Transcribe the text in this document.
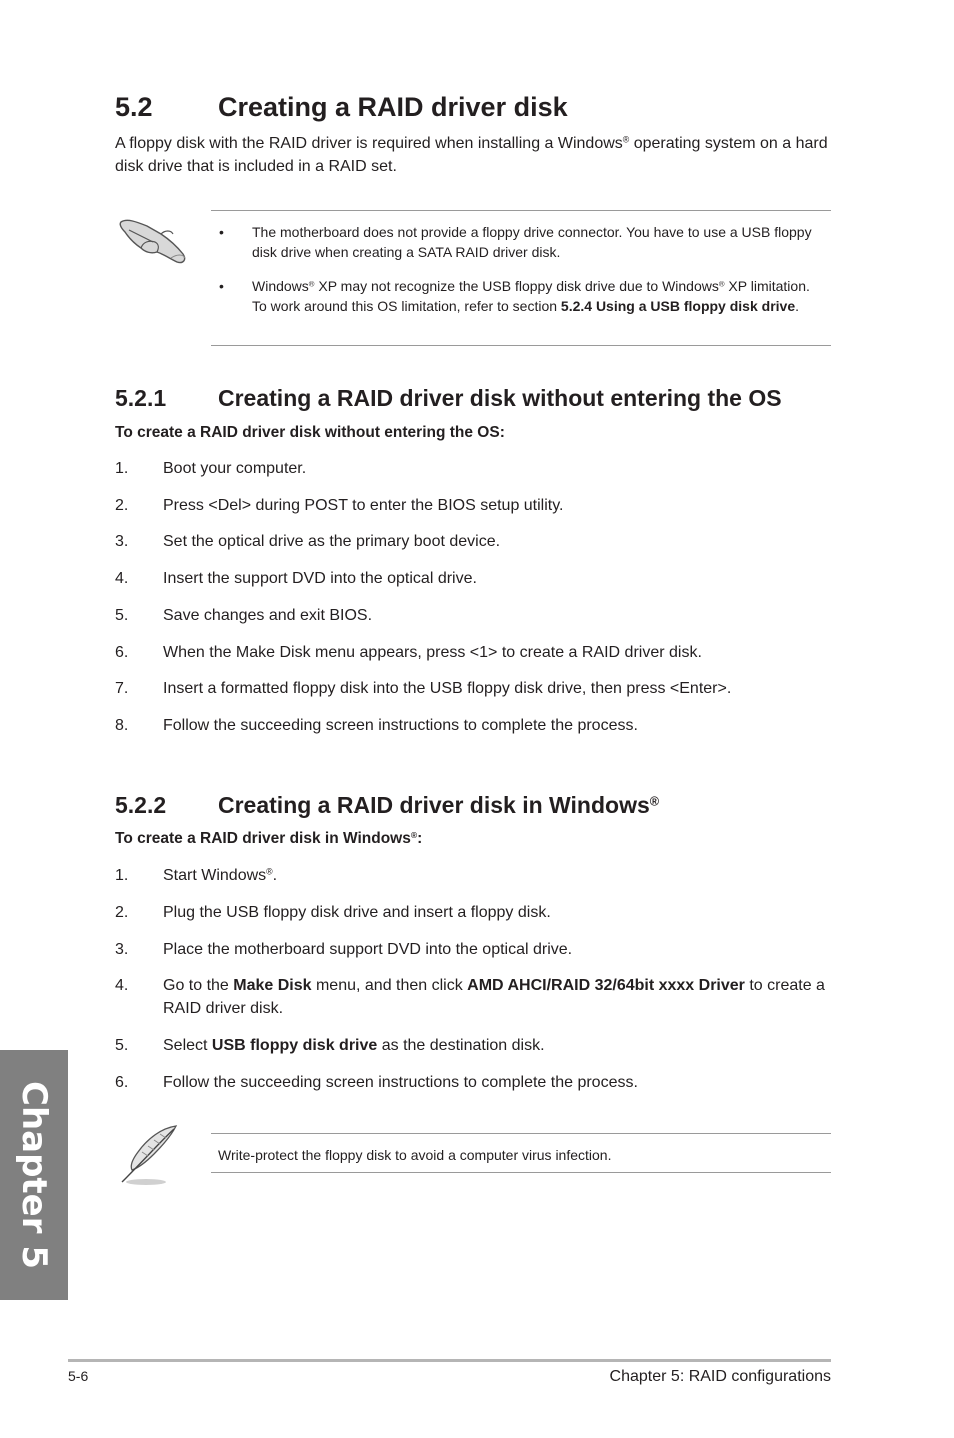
5.2 Creating a RAID driver disk
A floppy disk with the RAID driver is required when installing a Windows® operating system on a hard disk drive that is included in a RAID set.
• The motherboard does not provide a floppy drive connector. You have to use a USB floppy disk drive when creating a SATA RAID driver disk.
• Windows® XP may not recognize the USB floppy disk drive due to Windows® XP limitation. To work around this OS limitation, refer to section 5.2.4 Using a USB floppy disk drive.
5.2.1 Creating a RAID driver disk without entering the OS
To create a RAID driver disk without entering the OS:
1. Boot your computer.
2. Press <Del> during POST to enter the BIOS setup utility.
3. Set the optical drive as the primary boot device.
4. Insert the support DVD into the optical drive.
5. Save changes and exit BIOS.
6. When the Make Disk menu appears, press <1> to create a RAID driver disk.
7. Insert a formatted floppy disk into the USB floppy disk drive, then press <Enter>.
8. Follow the succeeding screen instructions to complete the process.
5.2.2 Creating a RAID driver disk in Windows®
To create a RAID driver disk in Windows®:
1. Start Windows®.
2. Plug the USB floppy disk drive and insert a floppy disk.
3. Place the motherboard support DVD into the optical drive.
4. Go to the Make Disk menu, and then click AMD AHCI/RAID 32/64bit xxxx Driver to create a RAID driver disk.
5. Select USB floppy disk drive as the destination disk.
6. Follow the succeeding screen instructions to complete the process.
Write-protect the floppy disk to avoid a computer virus infection.
Chapter 5
5-6	Chapter 5: RAID configurations
